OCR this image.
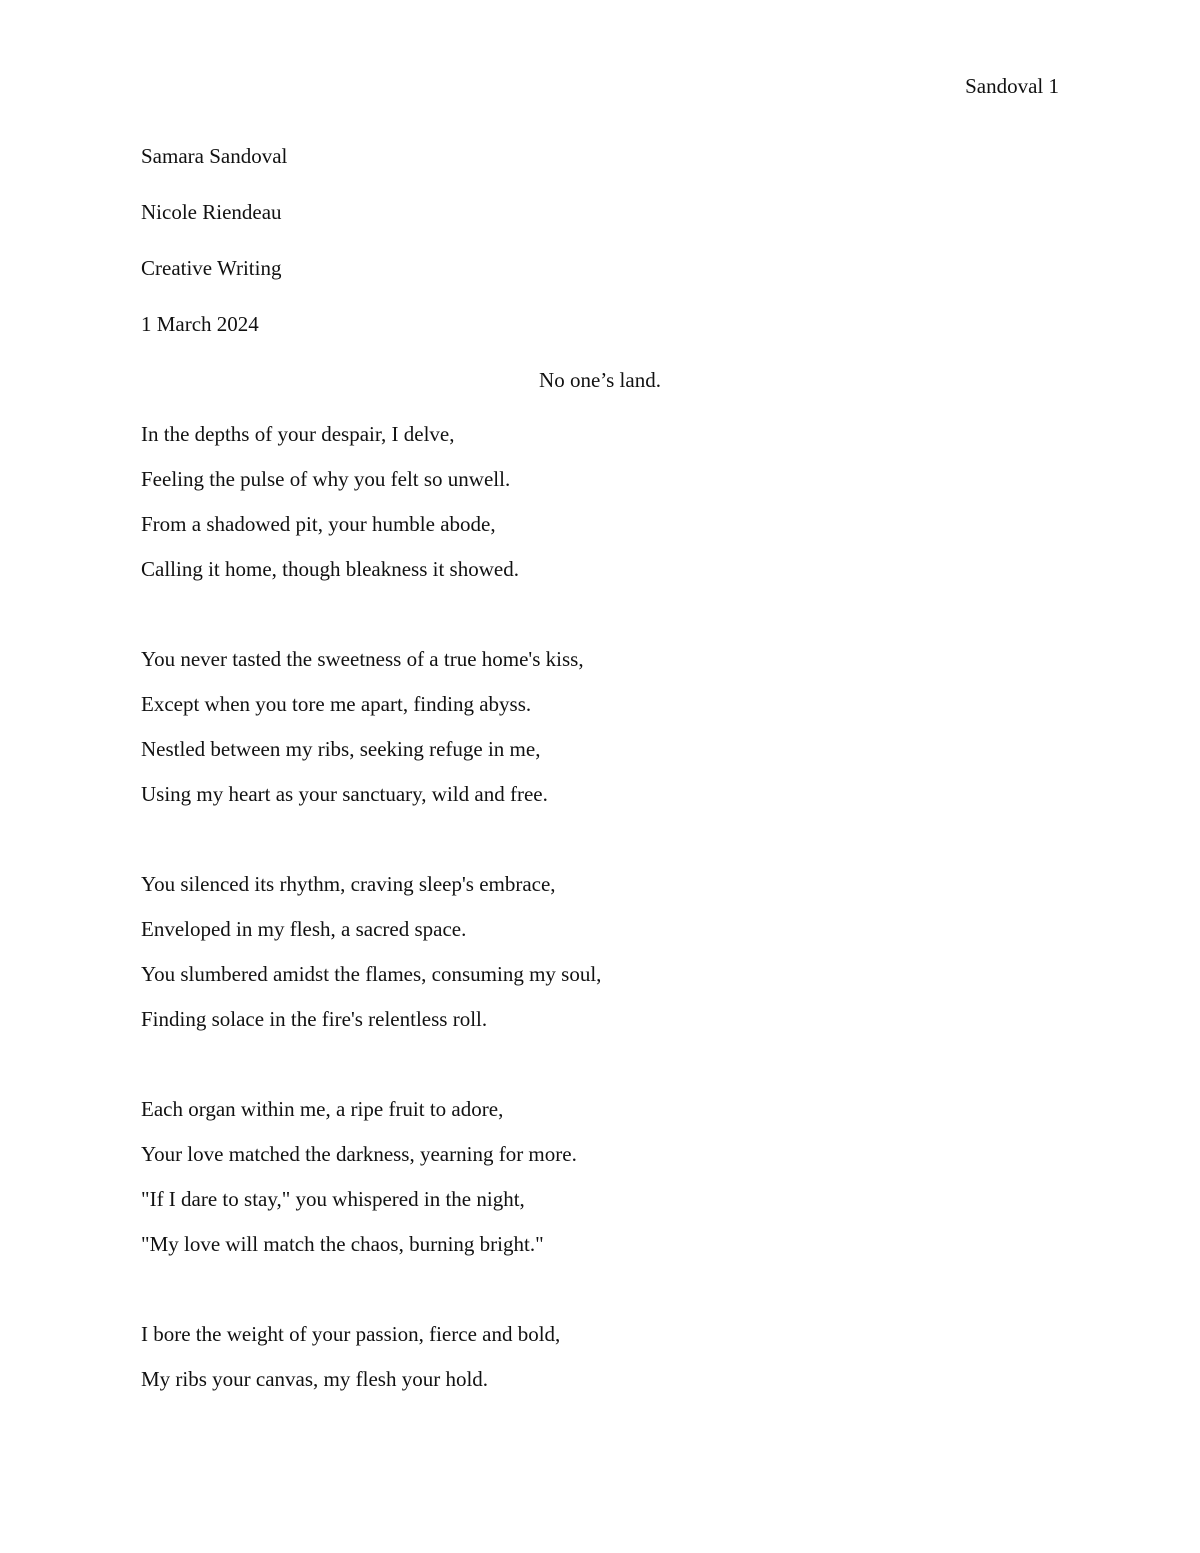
Sandoval 1
Samara Sandoval
Nicole Riendeau
Creative Writing
1 March 2024
No one’s land.
In the depths of your despair, I delve,
Feeling the pulse of why you felt so unwell.
From a shadowed pit, your humble abode,
Calling it home, though bleakness it showed.
You never tasted the sweetness of a true home's kiss,
Except when you tore me apart, finding abyss.
Nestled between my ribs, seeking refuge in me,
Using my heart as your sanctuary, wild and free.
You silenced its rhythm, craving sleep's embrace,
Enveloped in my flesh, a sacred space.
You slumbered amidst the flames, consuming my soul,
Finding solace in the fire's relentless roll.
Each organ within me, a ripe fruit to adore,
Your love matched the darkness, yearning for more.
"If I dare to stay," you whispered in the night,
"My love will match the chaos, burning bright."
I bore the weight of your passion, fierce and bold,
My ribs your canvas, my flesh your hold.
